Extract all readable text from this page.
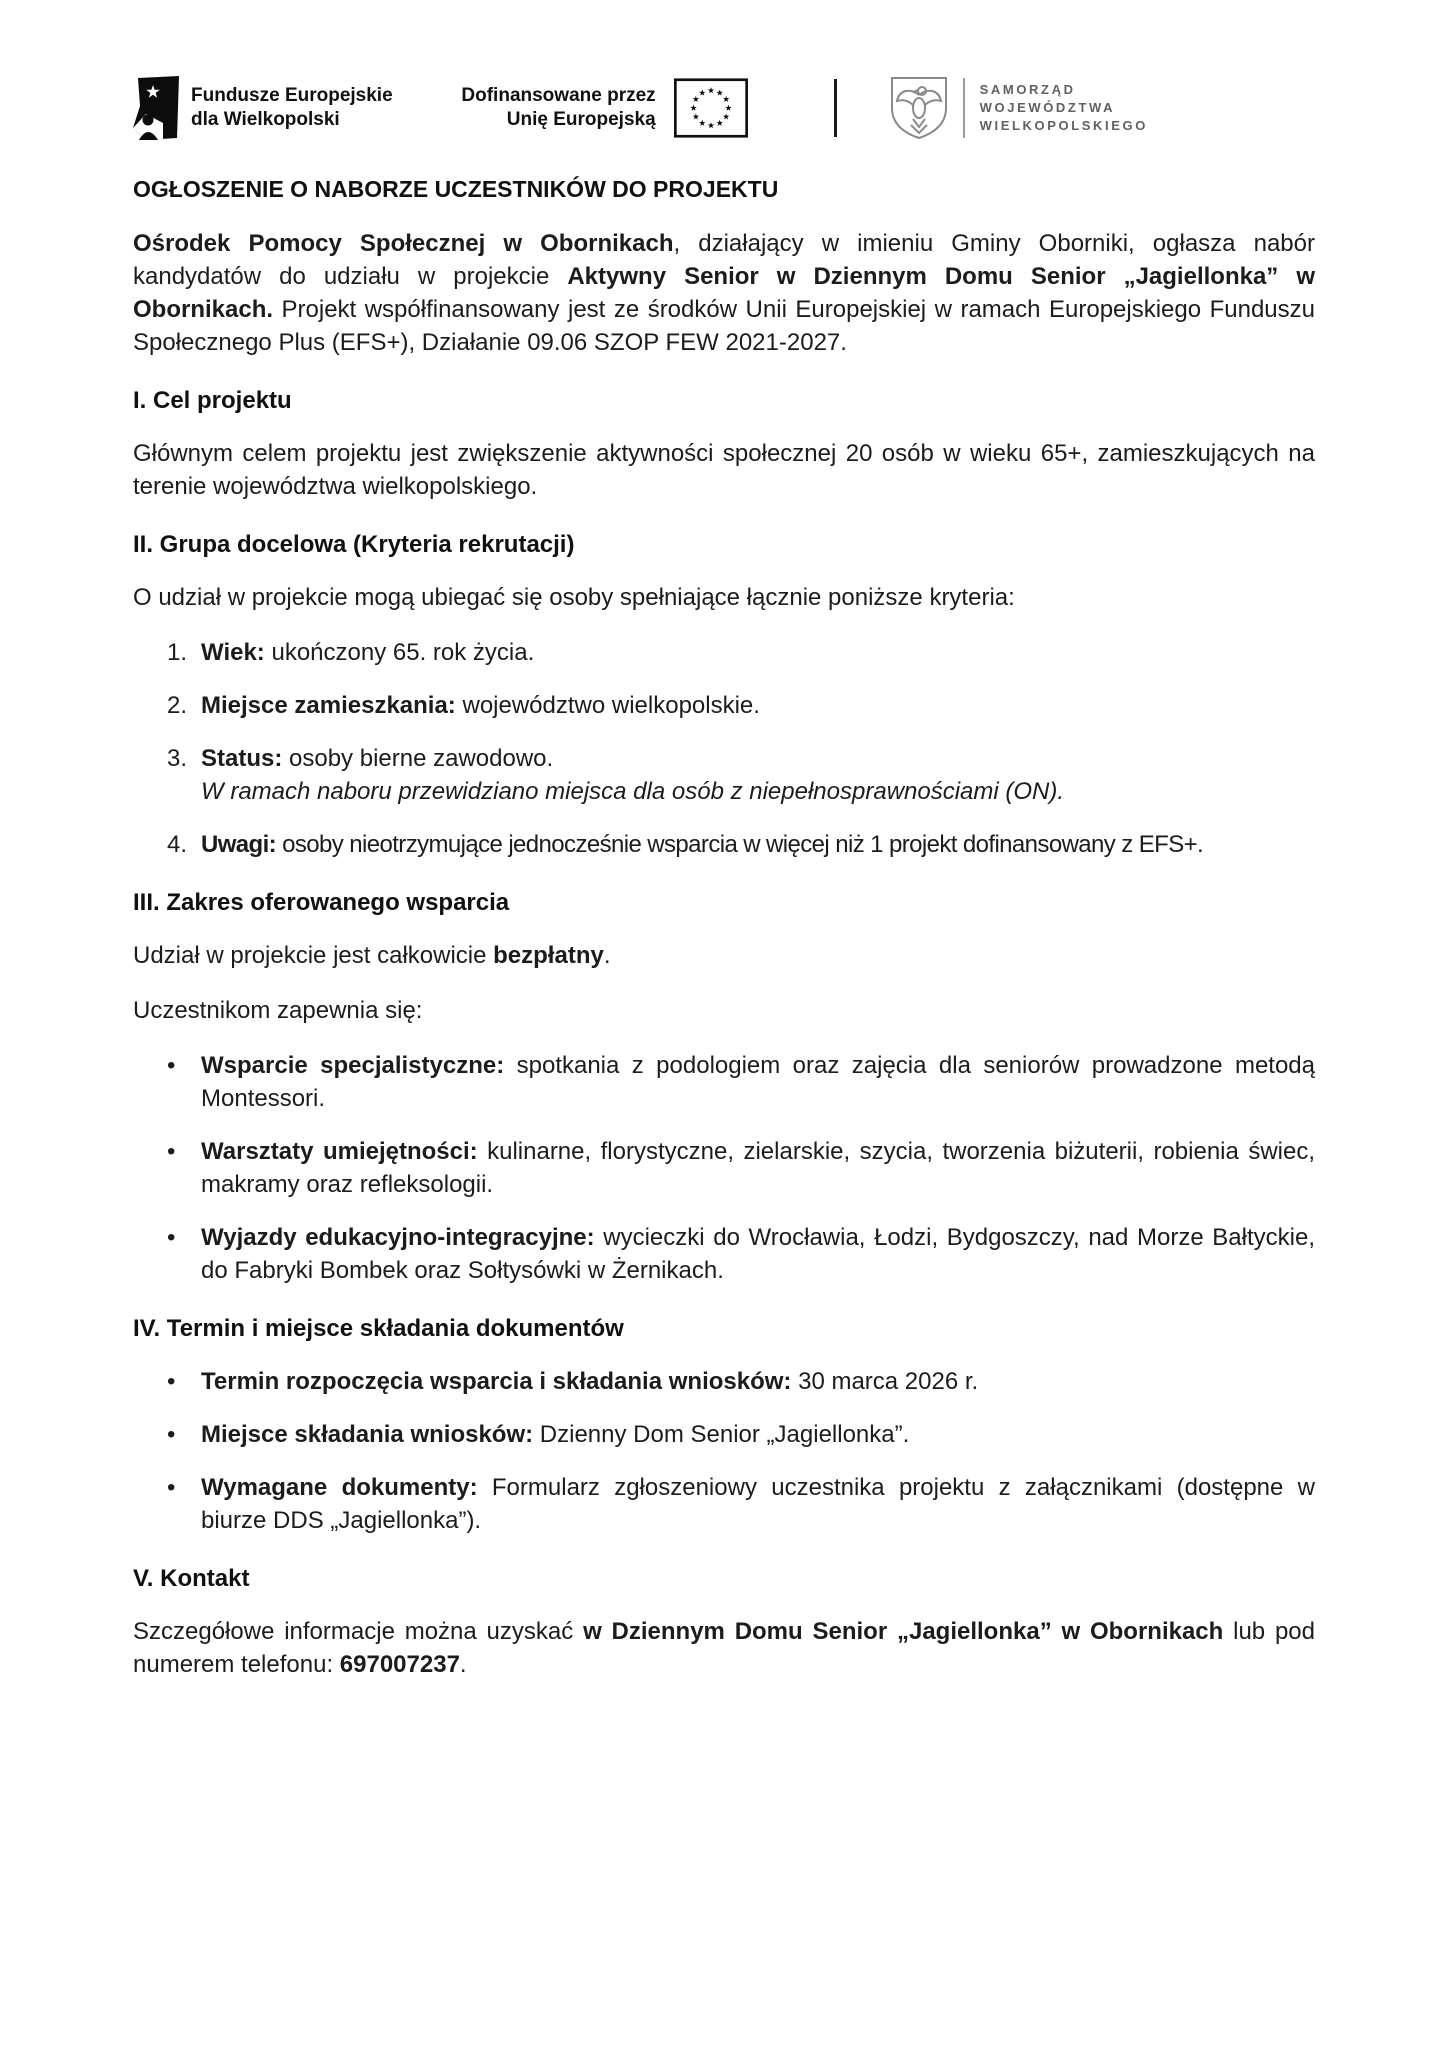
Fundusze Europejskie
dla Wielkopolski
Dofinansowane przez
Unię Europejską
SAMORZĄD
WOJEWÓDZTWA
WIELKOPOLSKIEGO
OGŁOSZENIE O NABORZE UCZESTNIKÓW DO PROJEKTU

Ośrodek Pomocy Społecznej w Obornikach, działający w imieniu Gminy Oborniki, ogłasza nabór kandydatów do udziału w projekcie Aktywny Senior w Dziennym Domu Senior „Jagiellonka” w Obornikach. Projekt współfinansowany jest ze środków Unii Europejskiej w ramach Europejskiego Funduszu Społecznego Plus (EFS+), Działanie 09.06 SZOP FEW 2021-2027.

I. Cel projektu

Głównym celem projektu jest zwiększenie aktywności społecznej 20 osób w wieku 65+, zamieszkujących na terenie województwa wielkopolskiego.

II. Grupa docelowa (Kryteria rekrutacji)

O udział w projekcie mogą ubiegać się osoby spełniające łącznie poniższe kryteria:

1. Wiek: ukończony 65. rok życia.
2. Miejsce zamieszkania: województwo wielkopolskie.
3. Status: osoby bierne zawodowo.
W ramach naboru przewidziano miejsca dla osób z niepełnosprawnościami (ON).
4. Uwagi: osoby nieotrzymujące jednocześnie wsparcia w więcej niż 1 projekt dofinansowany z EFS+.
III. Zakres oferowanego wsparcia

Udział w projekcie jest całkowicie bezpłatny.

Uczestnikom zapewnia się:

•	Wsparcie specjalistyczne: spotkania z podologiem oraz zajęcia dla seniorów prowadzone metodą Montessori.
•	Warsztaty umiejętności: kulinarne, florystyczne, zielarskie, szycia, tworzenia biżuterii, robienia świec, makramy oraz refleksologii.
•	Wyjazdy edukacyjno-integracyjne: wycieczki do Wrocławia, Łodzi, Bydgoszczy, nad Morze Bałtyckie, do Fabryki Bombek oraz Sołtysówki w Żernikach.
IV. Termin i miejsce składania dokumentów
•	Termin rozpoczęcia wsparcia i składania wniosków: 30 marca 2026 r.
•	Miejsce składania wniosków: Dzienny Dom Senior „Jagiellonka”.
•	Wymagane dokumenty: Formularz zgłoszeniowy uczestnika projektu z załącznikami (dostępne w biurze DDS „Jagiellonka”).
V. Kontakt

Szczegółowe informacje można uzyskać w Dziennym Domu Senior „Jagiellonka” w Obornikach lub pod numerem telefonu: 697007237.
